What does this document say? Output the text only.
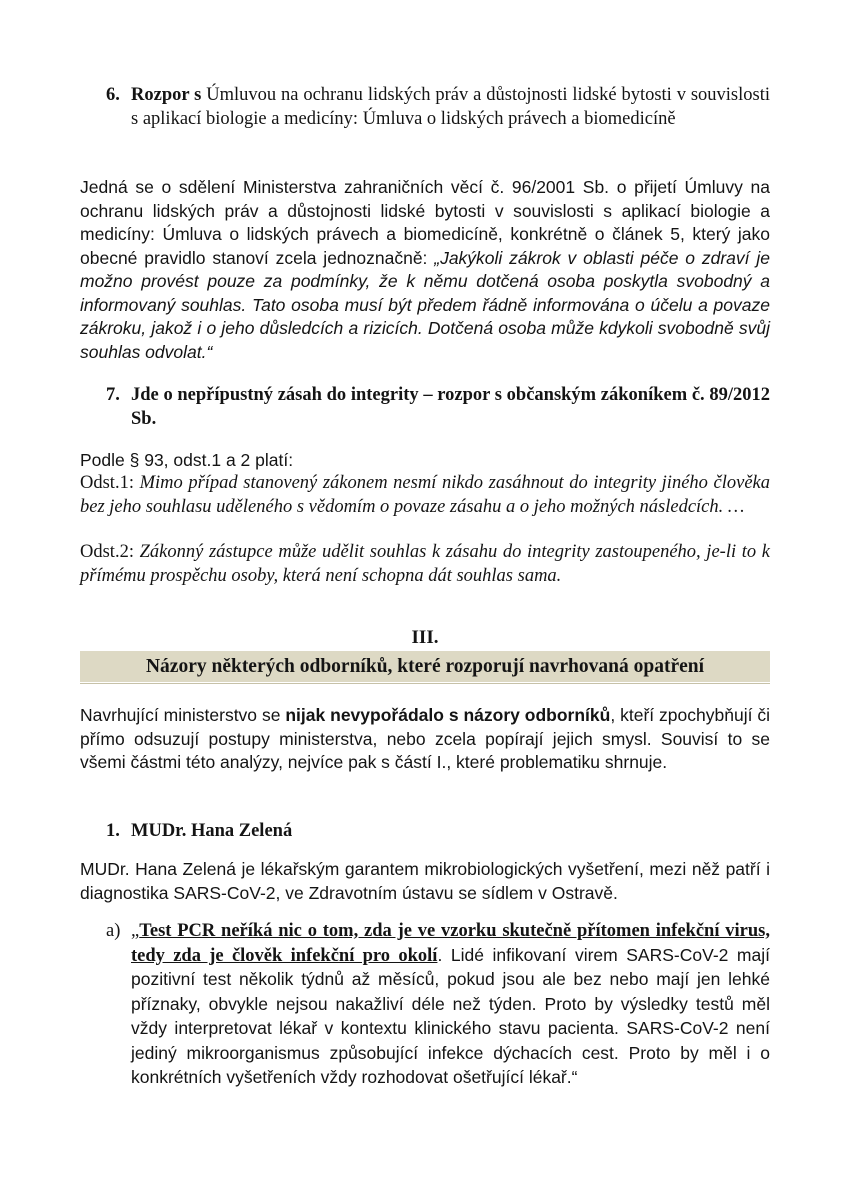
6. Rozpor s Úmluvou na ochranu lidských práv a důstojnosti lidské bytosti v souvislosti s aplikací biologie a medicíny: Úmluva o lidských právech a biomedicíně

Jedná se o sdělení Ministerstva zahraničních věcí č. 96/2001 Sb. o přijetí Úmluvy na ochranu lidských práv a důstojnosti lidské bytosti v souvislosti s aplikací biologie a medicíny: Úmluva o lidských právech a biomedicíně, konkrétně o článek 5, který jako obecné pravidlo stanoví zcela jednoznačně: „Jakýkoli zákrok v oblasti péče o zdraví je možno provést pouze za podmínky, že k němu dotčená osoba poskytla svobodný a informovaný souhlas. Tato osoba musí být předem řádně informována o účelu a povaze zákroku, jakož i o jeho důsledcích a rizicích. Dotčená osoba může kdykoli svobodně svůj souhlas odvolat.“

7. Jde o nepřípustný zásah do integrity – rozpor s občanským zákoníkem č. 89/2012 Sb.

Podle § 93, odst.1 a 2 platí:

Odst.1: Mimo případ stanovený zákonem nesmí nikdo zasáhnout do integrity jiného člověka bez jeho souhlasu uděleného s vědomím o povaze zásahu a o jeho možných následcích. …

Odst.2: Zákonný zástupce může udělit souhlas k zásahu do integrity zastoupeného, je-li to k přímému prospěchu osoby, která není schopna dát souhlas sama.

III.
Názory některých odborníků, které rozporují navrhovaná opatření

Navrhující ministerstvo se nijak nevypořádalo s názory odborníků, kteří zpochybňují či přímo odsuzují postupy ministerstva, nebo zcela popírají jejich smysl. Souvisí to se všemi částmi této analýzy, nejvíce pak s částí I., které problematiku shrnuje.

1. MUDr. Hana Zelená

MUDr. Hana Zelená je lékařským garantem mikrobiologických vyšetření, mezi něž patří i diagnostika SARS-CoV-2, ve Zdravotním ústavu se sídlem v Ostravě.

a) „Test PCR neříká nic o tom, zda je ve vzorku skutečně přítomen infekční virus, tedy zda je člověk infekční pro okolí. Lidé infikovaní virem SARS-CoV-2 mají pozitivní test několik týdnů až měsíců, pokud jsou ale bez nebo mají jen lehké příznaky, obvykle nejsou nakažliví déle než týden. Proto by výsledky testů měl vždy interpretovat lékař v kontextu klinického stavu pacienta. SARS-CoV-2 není jediný mikroorganismus způsobující infekce dýchacích cest. Proto by měl i o konkrétních vyšetřeních vždy rozhodovat ošetřující lékař.“
